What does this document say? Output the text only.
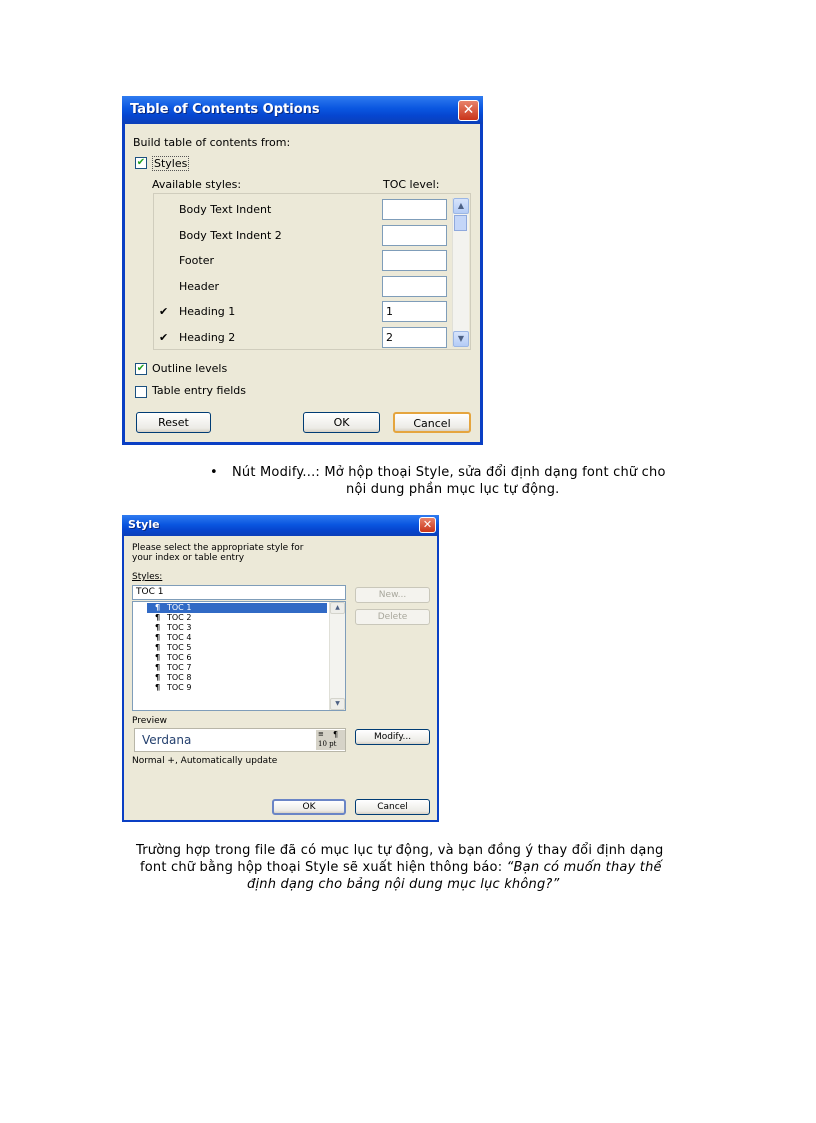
Table of Contents Options	✕
Build table of contents from:
✔ Styles
Available styles:	TOC level:
Body Text Indent
Body Text Indent 2
Footer
Header
✔ Heading 1	1
✔ Heading 2	2
▲
▼
✔ Outline levels
Table entry fields
Reset	OK	Cancel
• Nút Modify...: Mở hộp thoại Style, sửa đổi định dạng font chữ cho
nội dung phần mục lục tự động.
Style	✕
Please select the appropriate style for
your index or table entry
Styles:
TOC 1
¶ TOC 1
¶ TOC 2
¶ TOC 3
¶ TOC 4
¶ TOC 5
¶ TOC 6
¶ TOC 7
¶ TOC 8
¶ TOC 9
▲
▼
New...
Delete
Preview
Verdana	≡ ¶
10 pt
Modify...
Normal +, Automatically update
OK	Cancel
Trường hợp trong file đã có mục lục tự động, và bạn đồng ý thay đổi định dạng
font chữ bằng hộp thoại Style sẽ xuất hiện thông báo: “Bạn có muốn thay thế
định dạng cho bảng nội dung mục lục không?”
